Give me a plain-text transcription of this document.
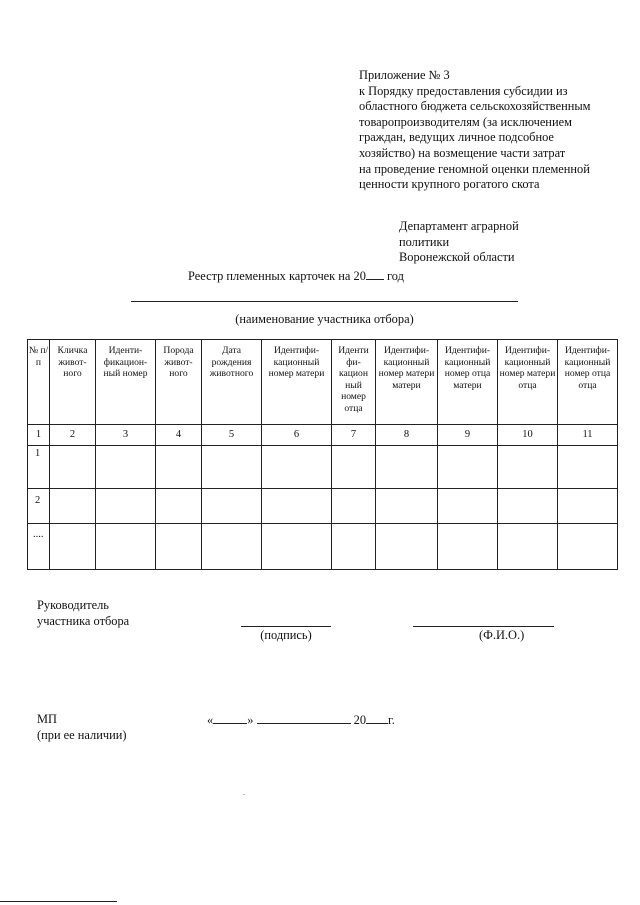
Приложение № 3
к Порядку предоставления субсидии из
областного бюджета сельскохозяйственным
товаропроизводителям (за исключением
граждан, ведущих личное подсобное
хозяйство) на возмещение части затрат
на проведение геномной оценки племенной
ценности крупного рогатого скота
Департамент аграрной
политики
Воронежской области
Реестр племенных карточек на 20 год
(наименование участника отбора)
№ п/п	Кличка живот-ного	Иденти-фикацион-ный номер	Порода живот-ного	Дата рождения животного	Идентифи-кационный номер матери	Иденти фи-кацион ный номер отца	Идентифи-кационный номер матери матери	Идентифи-кационный номер отца матери	Идентифи-кационный номер матери отца	Идентифи-кационный номер отца отца
1	2	3	4	5	6	7	8	9	10	11
1										
2										
....										
Руководитель
участника отбора
(подпись)	(Ф.И.О.)
МП
(при ее наличии)
«	»	20 г.
